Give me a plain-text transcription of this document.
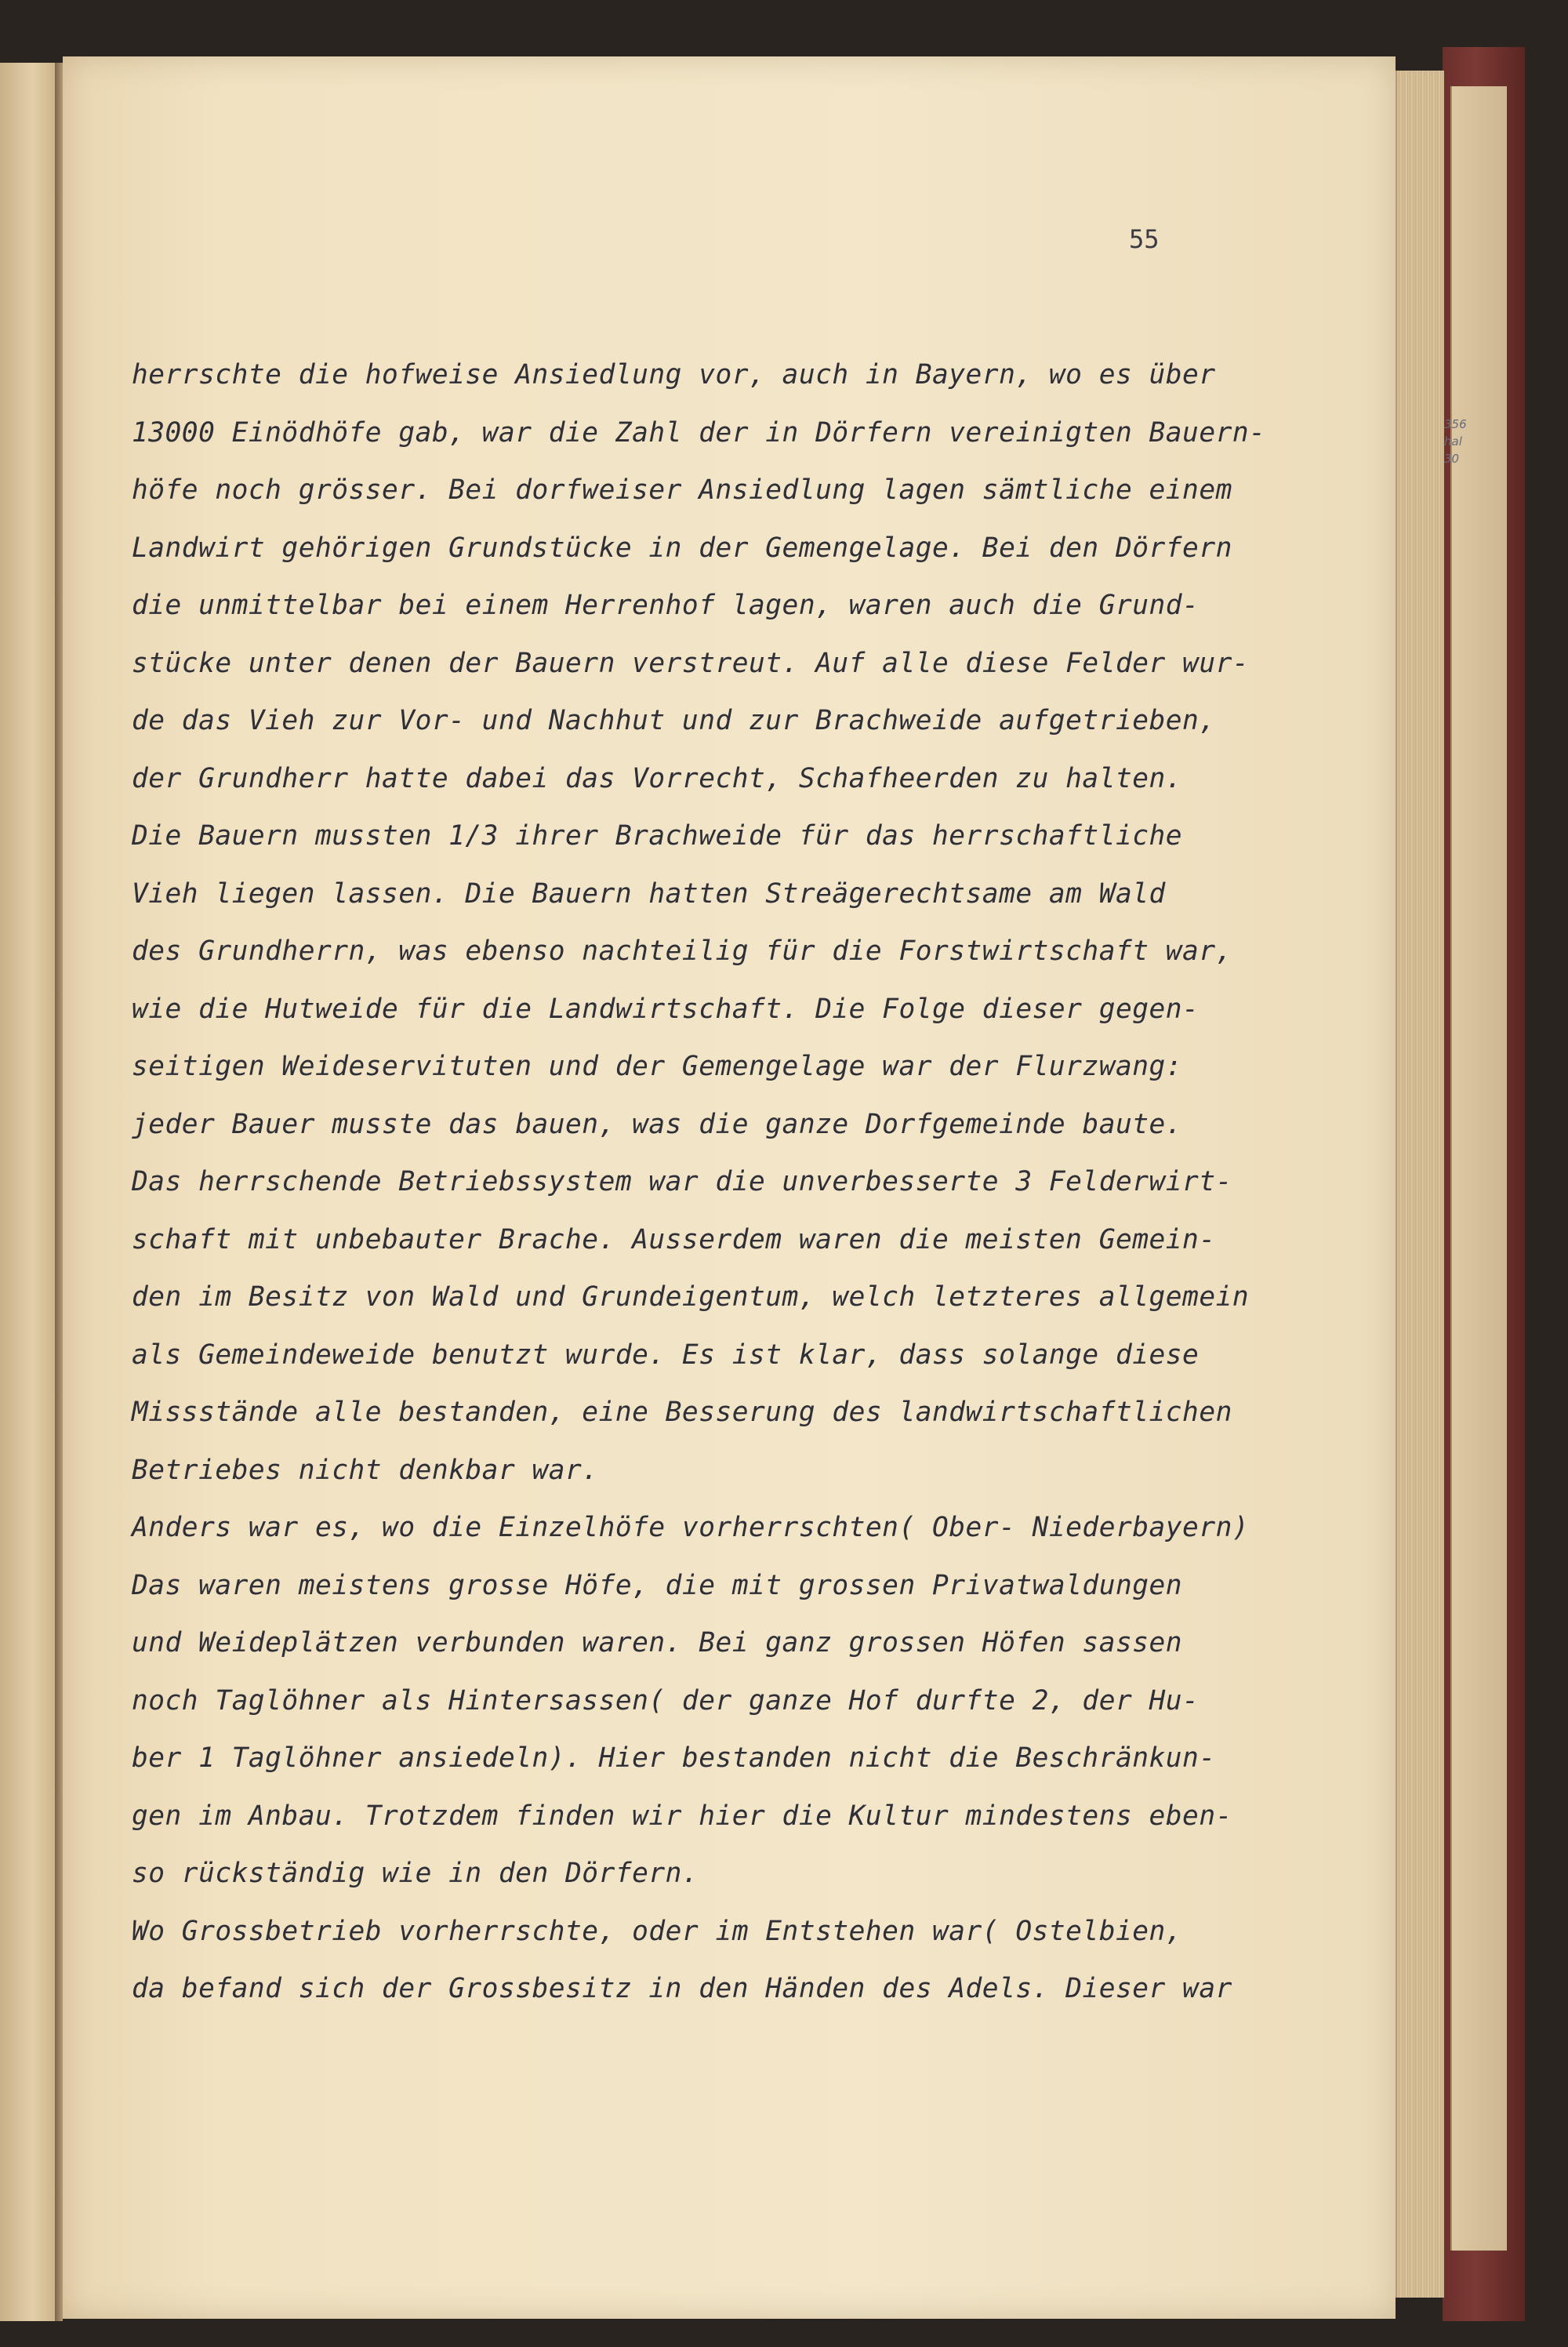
356
hal
30
55
herrschte die hofweise Ansiedlung vor, auch in Bayern, wo es über
13000 Einödhöfe gab, war die Zahl der in Dörfern vereinigten Bauern-
höfe noch grösser. Bei dorfweiser Ansiedlung lagen sämtliche einem
Landwirt gehörigen Grundstücke in der Gemengelage. Bei den Dörfern
die unmittelbar bei einem Herrenhof lagen, waren auch die Grund-
stücke unter denen der Bauern verstreut. Auf alle diese Felder wur-
de das Vieh zur Vor- und Nachhut und zur Brachweide aufgetrieben,
der Grundherr hatte dabei das Vorrecht, Schafheerden zu halten.
Die Bauern mussten 1/3 ihrer Brachweide für das herrschaftliche
Vieh liegen lassen. Die Bauern hatten Streägerechtsame am Wald
des Grundherrn, was ebenso nachteilig für die Forstwirtschaft war,
wie die Hutweide für die Landwirtschaft. Die Folge dieser gegen-
seitigen Weideservituten und der Gemengelage war der Flurzwang:
jeder Bauer musste das bauen, was die ganze Dorfgemeinde baute.
Das herrschende Betriebssystem war die unverbesserte 3 Felderwirt-
schaft mit unbebauter Brache. Ausserdem waren die meisten Gemein-
den im Besitz von Wald und Grundeigentum, welch letzteres allgemein
als Gemeindeweide benutzt wurde. Es ist klar, dass solange diese
Missstände alle bestanden, eine Besserung des landwirtschaftlichen
Betriebes nicht denkbar war.
Anders war es, wo die Einzelhöfe vorherrschten( Ober- Niederbayern)
Das waren meistens grosse Höfe, die mit grossen Privatwaldungen
und Weideplätzen verbunden waren. Bei ganz grossen Höfen sassen
noch Taglöhner als Hintersassen( der ganze Hof durfte 2, der Hu-
ber 1 Taglöhner ansiedeln). Hier bestanden nicht die Beschränkun-
gen im Anbau. Trotzdem finden wir hier die Kultur mindestens eben-
so rückständig wie in den Dörfern.
Wo Grossbetrieb vorherrschte, oder im Entstehen war( Ostelbien,
da befand sich der Grossbesitz in den Händen des Adels. Dieser war
